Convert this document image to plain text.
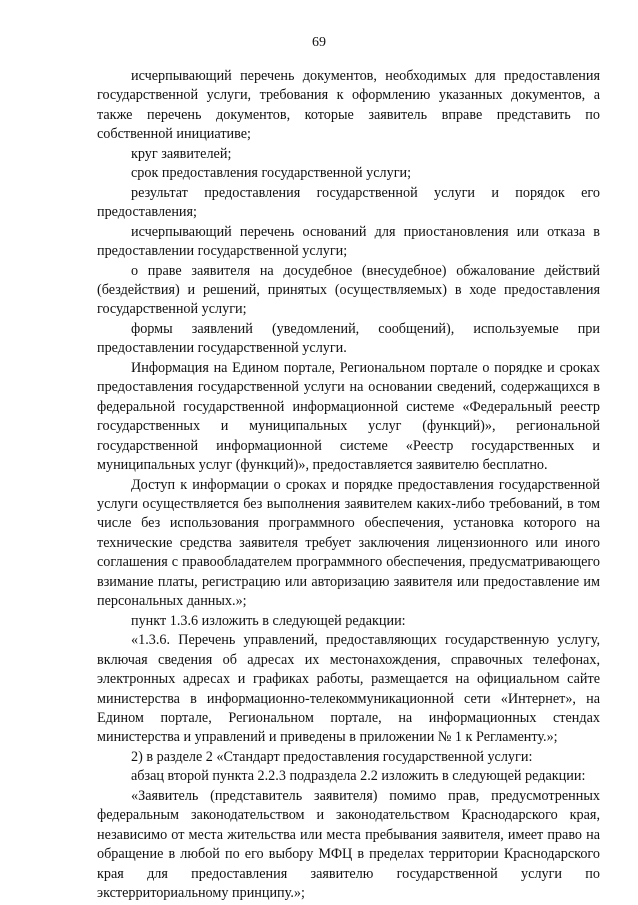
69

исчерпывающий перечень документов, необходимых для предоставления государственной услуги, требования к оформлению указанных документов, а также перечень документов, которые заявитель вправе представить по собственной инициативе;

круг заявителей;

срок предоставления государственной услуги;

результат предоставления государственной услуги и порядок его предоставления;

исчерпывающий перечень оснований для приостановления или отказа в предоставлении государственной услуги;

о праве заявителя на досудебное (внесудебное) обжалование действий (бездействия) и решений, принятых (осуществляемых) в ходе предоставления государственной услуги;

формы заявлений (уведомлений, сообщений), используемые при предоставлении государственной услуги.

Информация на Едином портале, Региональном портале о порядке и сроках предоставления государственной услуги на основании сведений, содержащихся в федеральной государственной информационной системе «Федеральный реестр государственных и муниципальных услуг (функций)», региональной государственной информационной системе «Реестр государственных и муниципальных услуг (функций)», предоставляется заявителю бесплатно.

Доступ к информации о сроках и порядке предоставления государственной услуги осуществляется без выполнения заявителем каких-либо требований, в том числе без использования программного обеспечения, установка которого на технические средства заявителя требует заключения лицензионного или иного соглашения с правообладателем программного обеспечения, предусматривающего взимание платы, регистрацию или авторизацию заявителя или предоставление им персональных данных.»;

пункт 1.3.6 изложить в следующей редакции:

«1.3.6. Перечень управлений, предоставляющих государственную услугу, включая сведения об адресах их местонахождения, справочных телефонах, электронных адресах и графиках работы, размещается на официальном сайте министерства в информационно-телекоммуникационной сети «Интернет», на Едином портале, Региональном портале, на информационных стендах министерства и управлений и приведены в приложении № 1 к Регламенту.»;

2) в разделе 2 «Стандарт предоставления государственной услуги:

абзац второй пункта 2.2.3 подраздела 2.2 изложить в следующей редакции:

«Заявитель (представитель заявителя) помимо прав, предусмотренных федеральным законодательством и законодательством Краснодарского края, независимо от места жительства или места пребывания заявителя, имеет право на обращение в любой по его выбору МФЦ в пределах территории Краснодарского края для предоставления заявителю государственной услуги по экстерриториальному принципу.»;
